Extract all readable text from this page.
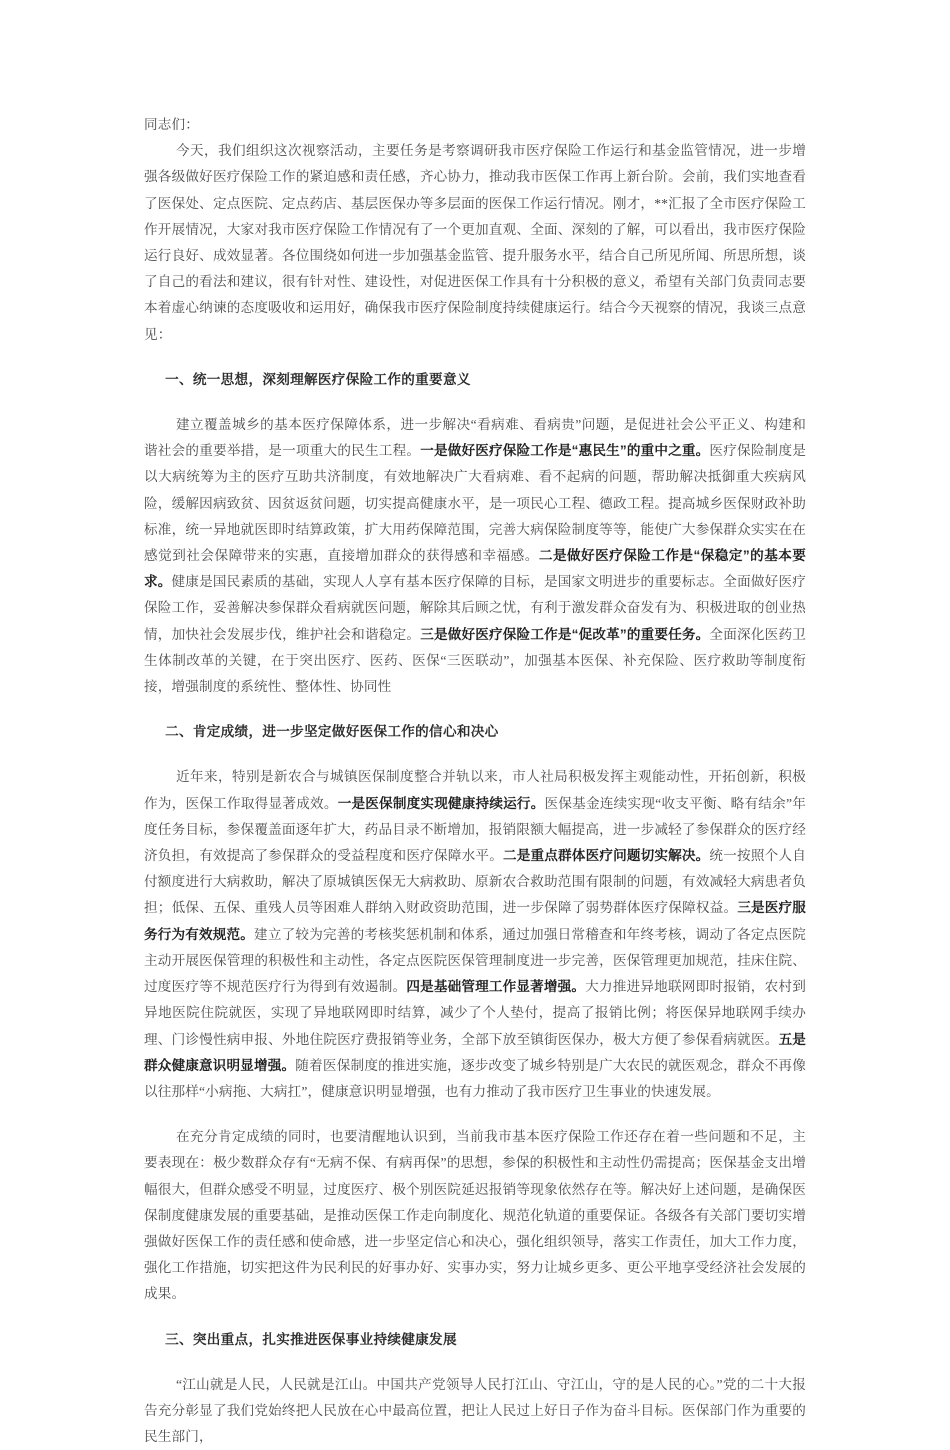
同志们：

今天，我们组织这次视察活动，主要任务是考察调研我市医疗保险工作运行和基金监管情况，进一步增强各级做好医疗保险工作的紧迫感和责任感，齐心协力，推动我市医保工作再上新台阶。会前，我们实地查看了医保处、定点医院、定点药店、基层医保办等多层面的医保工作运行情况。刚才，**汇报了全市医疗保险工作开展情况，大家对我市医疗保险工作情况有了一个更加直观、全面、深刻的了解，可以看出，我市医疗保险运行良好、成效显著。各位围绕如何进一步加强基金监管、提升服务水平，结合自己所见所闻、所思所想，谈了自己的看法和建议，很有针对性、建设性，对促进医保工作具有十分积极的意义，希望有关部门负责同志要本着虚心纳谏的态度吸收和运用好，确保我市医疗保险制度持续健康运行。结合今天视察的情况，我谈三点意见：

一、统一思想，深刻理解医疗保险工作的重要意义

建立覆盖城乡的基本医疗保障体系，进一步解决“看病难、看病贵”问题，是促进社会公平正义、构建和谐社会的重要举措，是一项重大的民生工程。一是做好医疗保险工作是“惠民生”的重中之重。医疗保险制度是以大病统筹为主的医疗互助共济制度，有效地解决广大看病难、看不起病的问题，帮助解决抵御重大疾病风险，缓解因病致贫、因贫返贫问题，切实提高健康水平，是一项民心工程、德政工程。提高城乡医保财政补助标准，统一异地就医即时结算政策，扩大用药保障范围，完善大病保险制度等等，能使广大参保群众实实在在感觉到社会保障带来的实惠，直接增加群众的获得感和幸福感。二是做好医疗保险工作是“保稳定”的基本要求。健康是国民素质的基础，实现人人享有基本医疗保障的目标，是国家文明进步的重要标志。全面做好医疗保险工作，妥善解决参保群众看病就医问题，解除其后顾之忧，有利于激发群众奋发有为、积极进取的创业热情，加快社会发展步伐，维护社会和谐稳定。三是做好医疗保险工作是“促改革”的重要任务。全面深化医药卫生体制改革的关键，在于突出医疗、医药、医保“三医联动”，加强基本医保、补充保险、医疗救助等制度衔接，增强制度的系统性、整体性、协同性

二、肯定成绩，进一步坚定做好医保工作的信心和决心

近年来，特别是新农合与城镇医保制度整合并轨以来，市人社局积极发挥主观能动性，开拓创新，积极作为，医保工作取得显著成效。一是医保制度实现健康持续运行。医保基金连续实现“收支平衡、略有结余”年度任务目标，参保覆盖面逐年扩大，药品目录不断增加，报销限额大幅提高，进一步减轻了参保群众的医疗经济负担，有效提高了参保群众的受益程度和医疗保障水平。二是重点群体医疗问题切实解决。统一按照个人自付额度进行大病救助，解决了原城镇医保无大病救助、原新农合救助范围有限制的问题，有效减轻大病患者负担；低保、五保、重残人员等困难人群纳入财政资助范围，进一步保障了弱势群体医疗保障权益。三是医疗服务行为有效规范。建立了较为完善的考核奖惩机制和体系，通过加强日常稽查和年终考核，调动了各定点医院主动开展医保管理的积极性和主动性，各定点医院医保管理制度进一步完善，医保管理更加规范，挂床住院、过度医疗等不规范医疗行为得到有效遏制。四是基础管理工作显著增强。大力推进异地联网即时报销，农村到异地医院住院就医，实现了异地联网即时结算，减少了个人垫付，提高了报销比例；将医保异地联网手续办理、门诊慢性病申报、外地住院医疗费报销等业务，全部下放至镇街医保办，极大方便了参保看病就医。五是群众健康意识明显增强。随着医保制度的推进实施，逐步改变了城乡特别是广大农民的就医观念，群众不再像以往那样“小病拖、大病扛”，健康意识明显增强，也有力推动了我市医疗卫生事业的快速发展。

在充分肯定成绩的同时，也要清醒地认识到，当前我市基本医疗保险工作还存在着一些问题和不足，主要表现在：极少数群众存有“无病不保、有病再保”的思想，参保的积极性和主动性仍需提高；医保基金支出增幅很大，但群众感受不明显，过度医疗、极个别医院延迟报销等现象依然存在等。解决好上述问题，是确保医保制度健康发展的重要基础，是推动医保工作走向制度化、规范化轨道的重要保证。各级各有关部门要切实增强做好医保工作的责任感和使命感，进一步坚定信心和决心，强化组织领导，落实工作责任，加大工作力度，强化工作措施，切实把这件为民利民的好事办好、实事办实，努力让城乡更多、更公平地享受经济社会发展的成果。

三、突出重点，扎实推进医保事业持续健康发展

“江山就是人民，人民就是江山。中国共产党领导人民打江山、守江山，守的是人民的心。”党的二十大报告充分彰显了我们党始终把人民放在心中最高位置，把让人民过上好日子作为奋斗目标。医保部门作为重要的民生部门，
